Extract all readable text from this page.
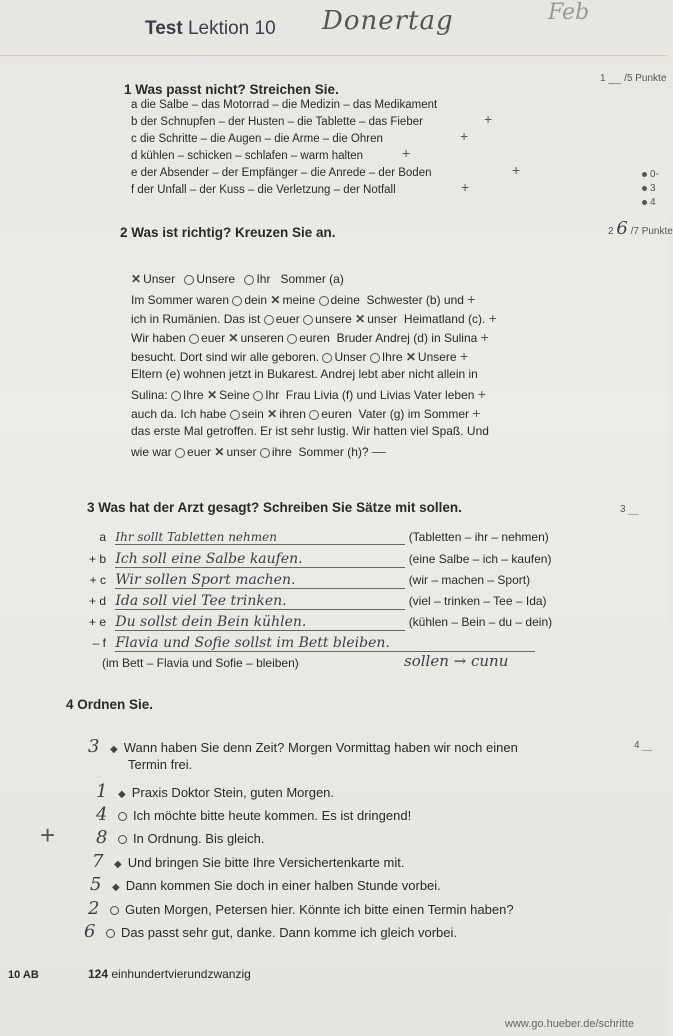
Test Lektion 10 Donertag	Feb
1 Was passt nicht? Streichen Sie.
1 __ /5 Punkte
a die Salbe – das Motorrad – die Medizin – das Medikament
b der Schnupfen – der Husten – die Tablette – das Fieber	+
c die Schritte – die Augen – die Arme – die Ohren	+
d kühlen – schicken – schlafen – warm halten	+
e der Absender – der Empfänger – die Anrede – der Boden	+
f der Unfall – der Kuss – die Verletzung – der Notfall	+
0-
3
4
2 Was ist richtig? Kreuzen Sie an.	2 6 /7 Punkte
✕ Unser Unsere Ihr Sommer (a)
Im Sommer waren dein ✕ meine deine Schwester (b) und +
ich in Rumänien. Das ist euer unsere ✕ unser Heimatland (c). +
Wir haben euer ✕ unseren euren Bruder Andrej (d) in Sulina +
besucht. Dort sind wir alle geboren. Unser Ihre ✕ Unsere +
Eltern (e) wohnen jetzt in Bukarest. Andrej lebt aber nicht allein in
Sulina: Ihre ✕ Seine Ihr Frau Livia (f) und Livias Vater leben +
auch da. Ich habe sein ✕ ihren euren Vater (g) im Sommer +
das erste Mal getroffen. Er ist sehr lustig. Wir hatten viel Spaß. Und
wie war euer ✕ unser ihre Sommer (h)? —
3 Was hat der Arzt gesagt? Schreiben Sie Sätze mit sollen.	3 __
a Ihr sollt Tabletten nehmen	(Tabletten – ihr – nehmen)
+ b Ich soll eine Salbe kaufen.	(eine Salbe – ich – kaufen)
+ c Wir sollen Sport machen.	(wir – machen – Sport)
+ d Ida soll viel Tee trinken.	(viel – trinken – Tee – Ida)
+ e Du sollst dein Bein kühlen.	(kühlen – Bein – du – dein)
– f Flavia und Sofie sollst im Bett bleiben.
(im Bett – Flavia und Sofie – bleiben)	sollen → cunu
4 Ordnen Sie.
3 ◆ Wann haben Sie denn Zeit? Morgen Vormittag haben wir noch einen	4 __
Termin frei.
1 ◆ Praxis Doktor Stein, guten Morgen.
4 Ich möchte bitte heute kommen. Es ist dringend!
+ 8 In Ordnung. Bis gleich.
7 ◆ Und bringen Sie bitte Ihre Versichertenkarte mit.
5 ◆ Dann kommen Sie doch in einer halben Stunde vorbei.
2 Guten Morgen, Petersen hier. Könnte ich bitte einen Termin haben?
6 Das passt sehr gut, danke. Dann komme ich gleich vorbei.
10 AB	124 einhundertvierundzwanzig
www.go.hueber.de/schritte
